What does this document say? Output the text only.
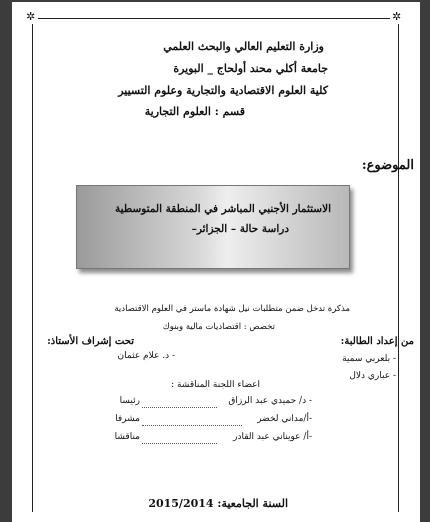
✲	✲
وزارة التعليم العالي والبحث العلمي
جامعة أكلي محند أولحاج _ البويرة
كلية العلوم الاقتصادية والتجارية وعلوم التسيير
قسم : العلوم التجارية
الموضوع:
الاستثمار الأجنبي المباشر في المنطقة المتوسطية
دراسة حالة – الجزائر–
مذكرة تدخل ضمن متطلبات نيل شهادة ماستر في العلوم الاقتصادية
تخصص : اقتصاديات مالية وبنوك
من إعداد الطالبة:
- بلعربي سمية
- عباري دلال
تحت إشراف الأستاذ:
- د. علام عثمان
اعضاء اللجنة المناقشة :
- د/ حميدي عبد الرزاق
رئيسا
-أ/مداني لخضر
مشرفا
-أ/ عويناني عبد القادر
مناقشا
السنة الجامعية: 2015/2014
